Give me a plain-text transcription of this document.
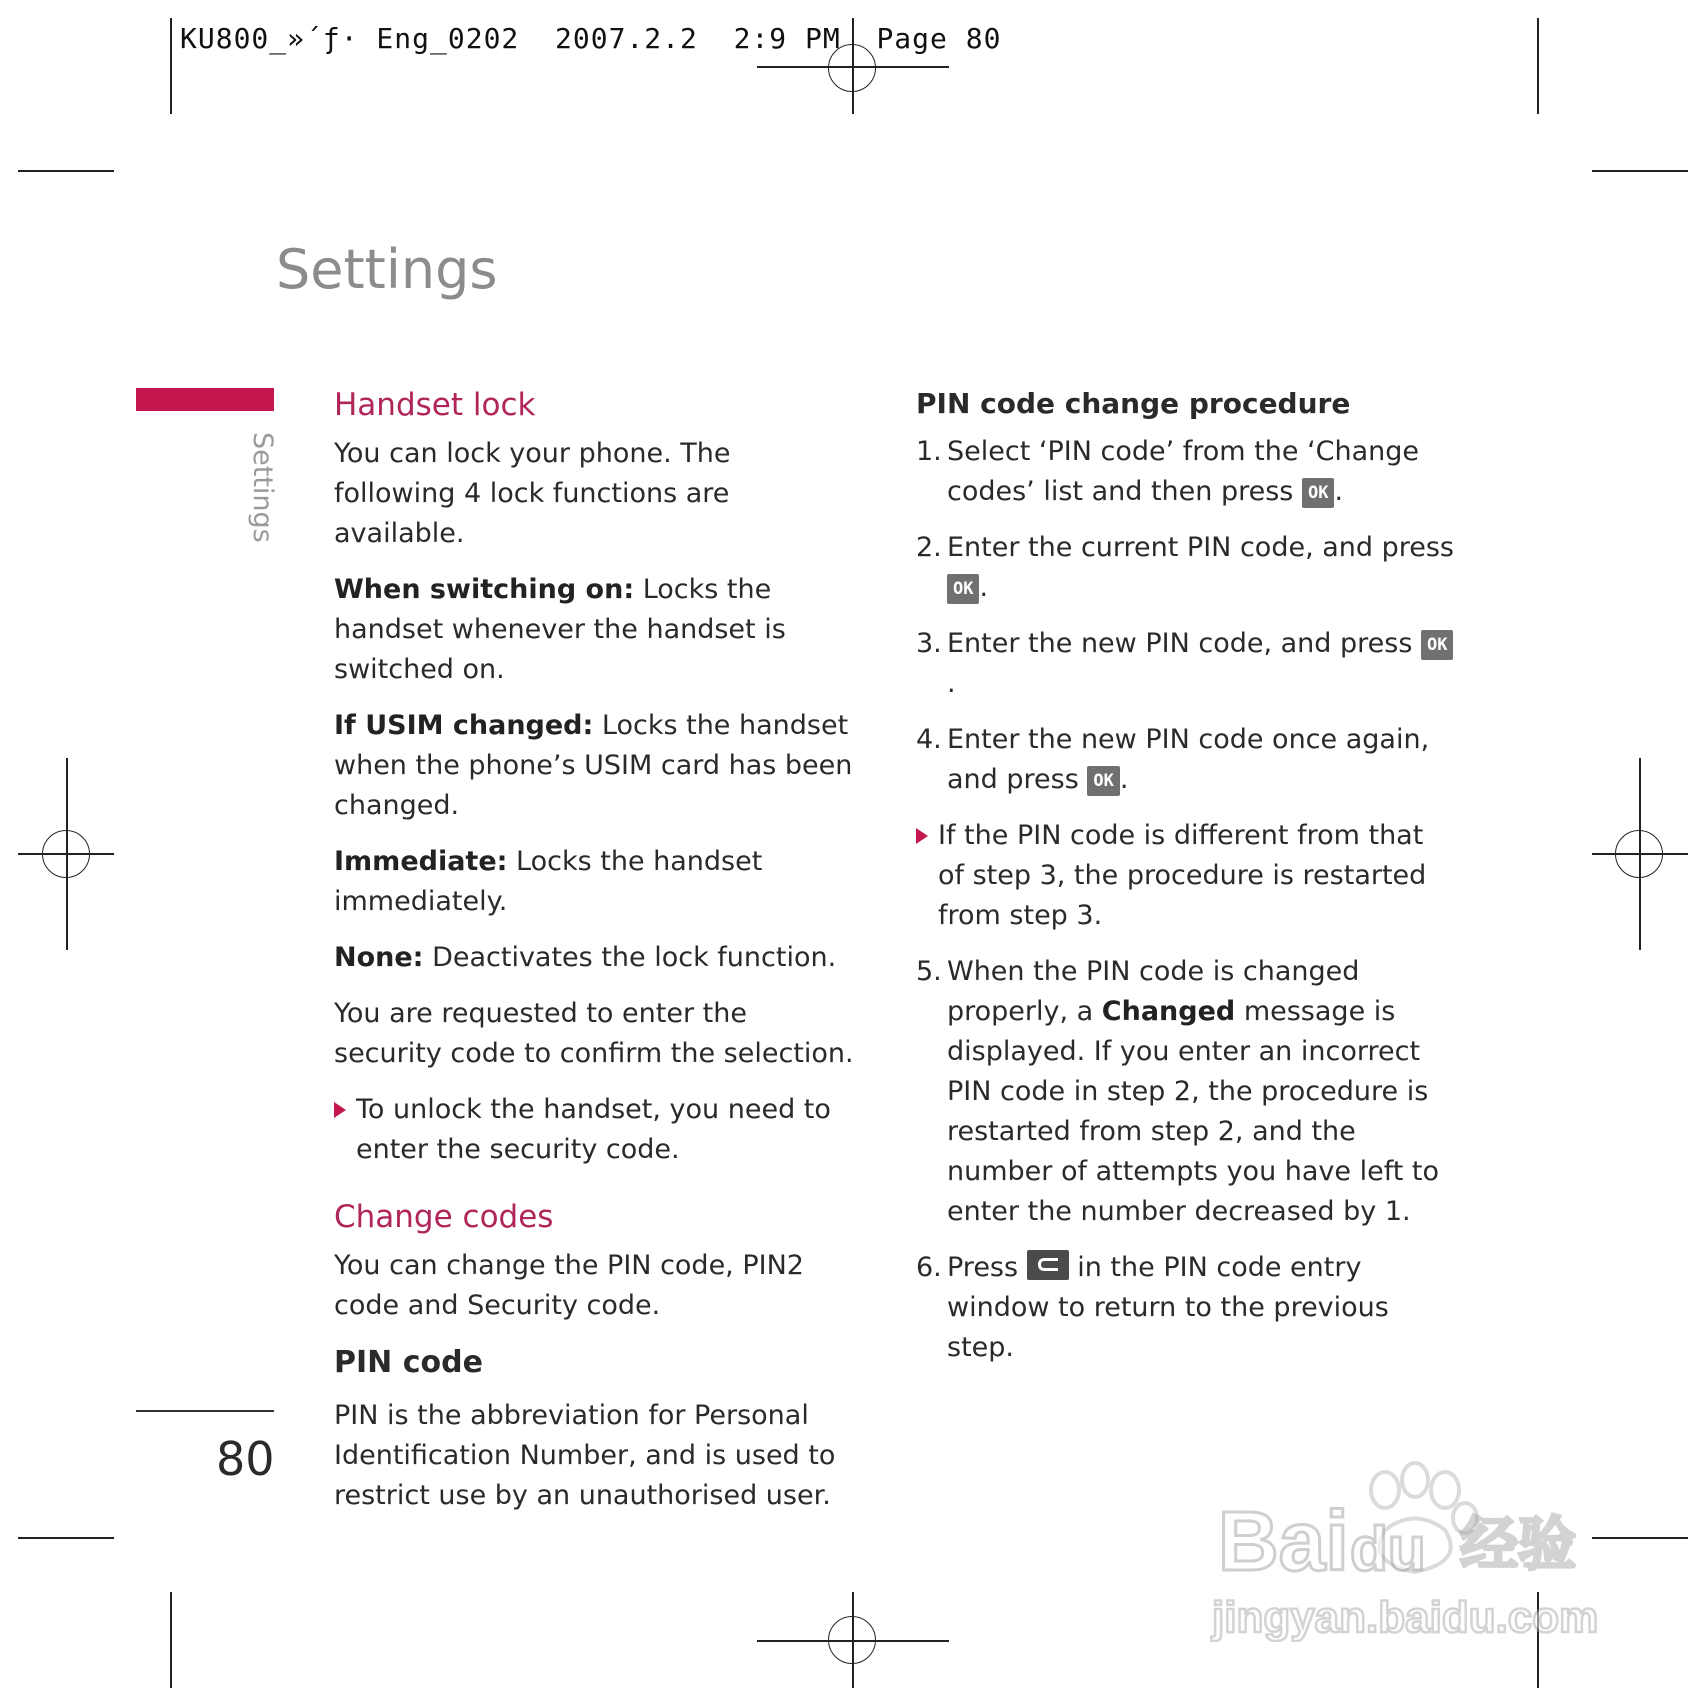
KU800_»´ƒ· Eng_0202  2007.2.2  2:9 PM  Page 80
Settings
Settings
Handset lock

You can lock your phone. The following 4 lock functions are available.

When switching on: Locks the handset whenever the handset is switched on.

If USIM changed: Locks the handset when the phone’s USIM card has been changed.

Immediate: Locks the handset immediately.

None: Deactivates the lock function.

You are requested to enter the security code to confirm the selection.

To unlock the handset, you need to enter the security code.
Change codes

You can change the PIN code, PIN2 code and Security code.

PIN code

PIN is the abbreviation for Personal Identification Number, and is used to restrict use by an unauthorised user.

PIN code change procedure
1. Select ‘PIN code’ from the ‘Change codes’ list and then press OK .
2. Enter the current PIN code, and press OK .
3. Enter the new PIN code, and press OK.
4. Enter the new PIN code once again, and press OK .
If the PIN code is different from that of step 3, the procedure is restarted from step 3.
5. When the PIN code is changed properly, a Changed message is displayed. If you enter an incorrect PIN code in step 2, the procedure is restarted from step 2, and the number of attempts you have left to enter the number decreased by 1.
6. Press  in the PIN code entry window to return to the previous step.
80
Bai du 经验
jingyan.baidu.com
